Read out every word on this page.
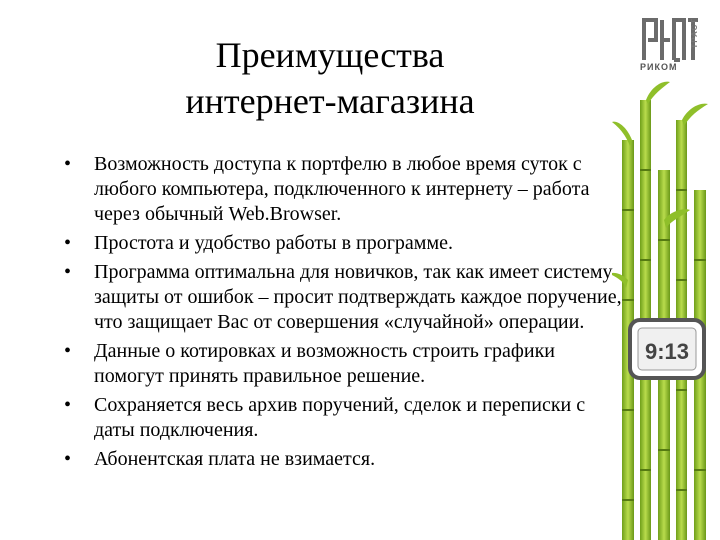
Преимущества
интернет-магазина
• Возможность доступа к портфелю в любое время суток с любого компьютера, подключенного к интернету – работа через обычный Web.Browser.
• Простота и удобство работы в программе.
• Программа оптимальна для новичков, так как имеет систему защиты от ошибок – просит подтверждать каждое поручение, что защищает Вас от совершения «случайной» операции.
• Данные о котировках и возможность строить графики помогут принять правильное решение.
• Сохраняется весь архив поручений, сделок и переписки с даты подключения.
• Абонентская плата не взимается.
РИКОМ
ТРАСТ
9:13
